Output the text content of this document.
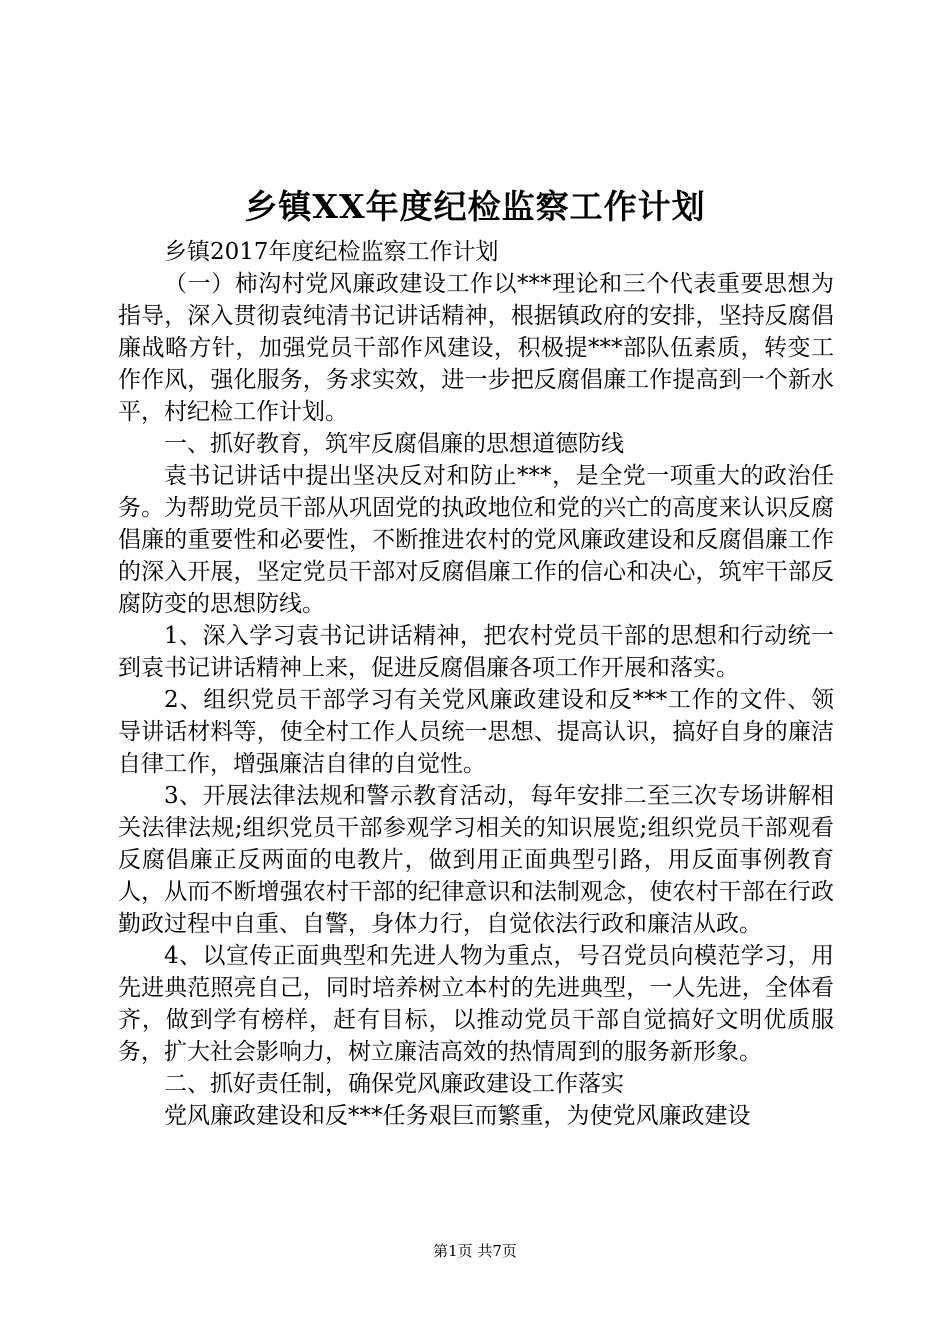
乡镇XX年度纪检监察工作计划

乡镇2017年度纪检监察工作计划

（一）柿沟村党风廉政建设工作以***理论和三个代表重要思想为指导，深入贯彻袁纯清书记讲话精神，根据镇政府的安排，坚持反腐倡廉战略方针，加强党员干部作风建设，积极提***部队伍素质，转变工作作风，强化服务，务求实效，进一步把反腐倡廉工作提高到一个新水平，村纪检工作计划。

一、抓好教育，筑牢反腐倡廉的思想道德防线

袁书记讲话中提出坚决反对和防止***，是全党一项重大的政治任务。为帮助党员干部从巩固党的执政地位和党的兴亡的高度来认识反腐倡廉的重要性和必要性，不断推进农村的党风廉政建设和反腐倡廉工作的深入开展，坚定党员干部对反腐倡廉工作的信心和决心，筑牢干部反腐防变的思想防线。

1、深入学习袁书记讲话精神，把农村党员干部的思想和行动统一到袁书记讲话精神上来，促进反腐倡廉各项工作开展和落实。

2、组织党员干部学习有关党风廉政建设和反***工作的文件、领导讲话材料等，使全村工作人员统一思想、提高认识，搞好自身的廉洁自律工作，增强廉洁自律的自觉性。

3、开展法律法规和警示教育活动，每年安排二至三次专场讲解相关法律法规;组织党员干部参观学习相关的知识展览;组织党员干部观看反腐倡廉正反两面的电教片，做到用正面典型引路，用反面事例教育人，从而不断增强农村干部的纪律意识和法制观念，使农村干部在行政勤政过程中自重、自警，身体力行，自觉依法行政和廉洁从政。

4、以宣传正面典型和先进人物为重点，号召党员向模范学习，用先进典范照亮自己，同时培养树立本村的先进典型，一人先进，全体看齐，做到学有榜样，赶有目标，以推动党员干部自觉搞好文明优质服务，扩大社会影响力，树立廉洁高效的热情周到的服务新形象。

二、抓好责任制，确保党风廉政建设工作落实

党风廉政建设和反***任务艰巨而繁重，为使党风廉政建设

第1页 共7页
